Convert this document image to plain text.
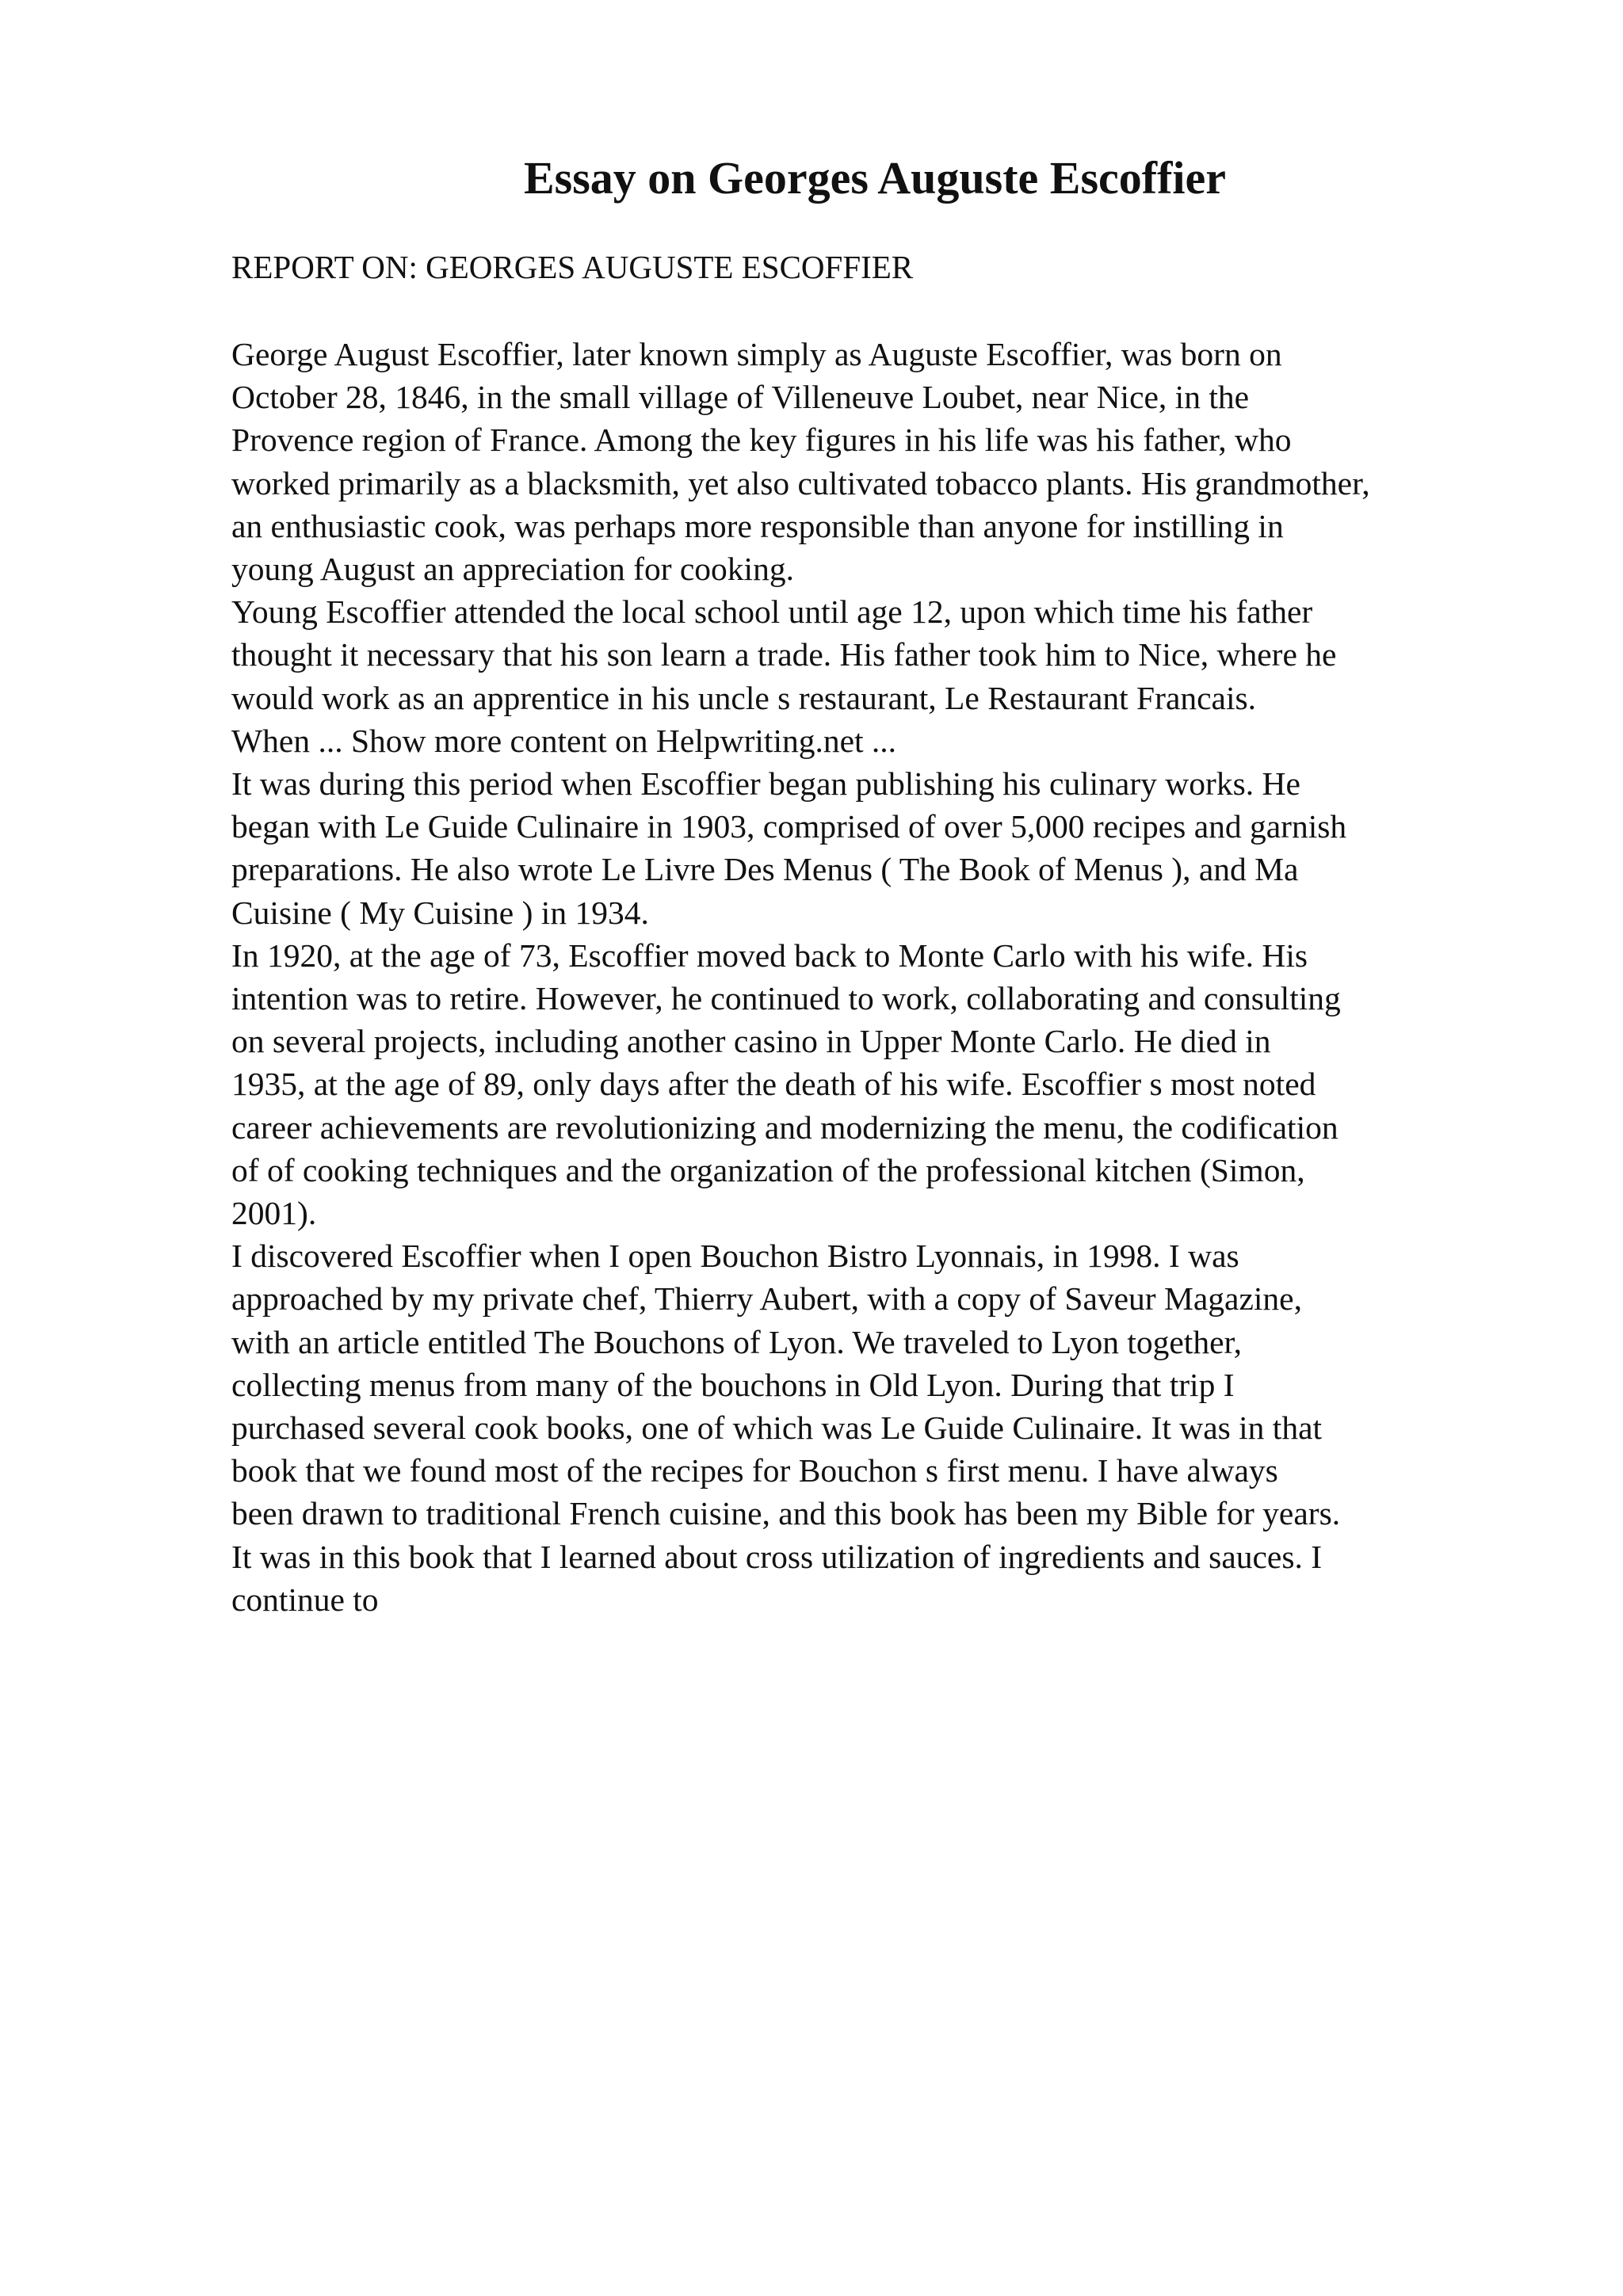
Essay on Georges Auguste Escoffier

REPORT ON: GEORGES AUGUSTE ESCOFFIER

George August Escoffier, later known simply as Auguste Escoffier, was born on
October 28, 1846, in the small village of Villeneuve Loubet, near Nice, in the
Provence region of France. Among the key figures in his life was his father, who
worked primarily as a blacksmith, yet also cultivated tobacco plants. His grandmother,
an enthusiastic cook, was perhaps more responsible than anyone for instilling in
young August an appreciation for cooking.
Young Escoffier attended the local school until age 12, upon which time his father
thought it necessary that his son learn a trade. His father took him to Nice, where he
would work as an apprentice in his uncle s restaurant, Le Restaurant Francais.
When ... Show more content on Helpwriting.net ...
It was during this period when Escoffier began publishing his culinary works. He
began with Le Guide Culinaire in 1903, comprised of over 5,000 recipes and garnish
preparations. He also wrote Le Livre Des Menus ( The Book of Menus ), and Ma
Cuisine ( My Cuisine ) in 1934.
In 1920, at the age of 73, Escoffier moved back to Monte Carlo with his wife. His
intention was to retire. However, he continued to work, collaborating and consulting
on several projects, including another casino in Upper Monte Carlo. He died in
1935, at the age of 89, only days after the death of his wife. Escoffier s most noted
career achievements are revolutionizing and modernizing the menu, the codification
of of cooking techniques and the organization of the professional kitchen (Simon,
2001).
I discovered Escoffier when I open Bouchon Bistro Lyonnais, in 1998. I was
approached by my private chef, Thierry Aubert, with a copy of Saveur Magazine,
with an article entitled The Bouchons of Lyon. We traveled to Lyon together,
collecting menus from many of the bouchons in Old Lyon. During that trip I
purchased several cook books, one of which was Le Guide Culinaire. It was in that
book that we found most of the recipes for Bouchon s first menu. I have always
been drawn to traditional French cuisine, and this book has been my Bible for years.
It was in this book that I learned about cross utilization of ingredients and sauces. I
continue to
